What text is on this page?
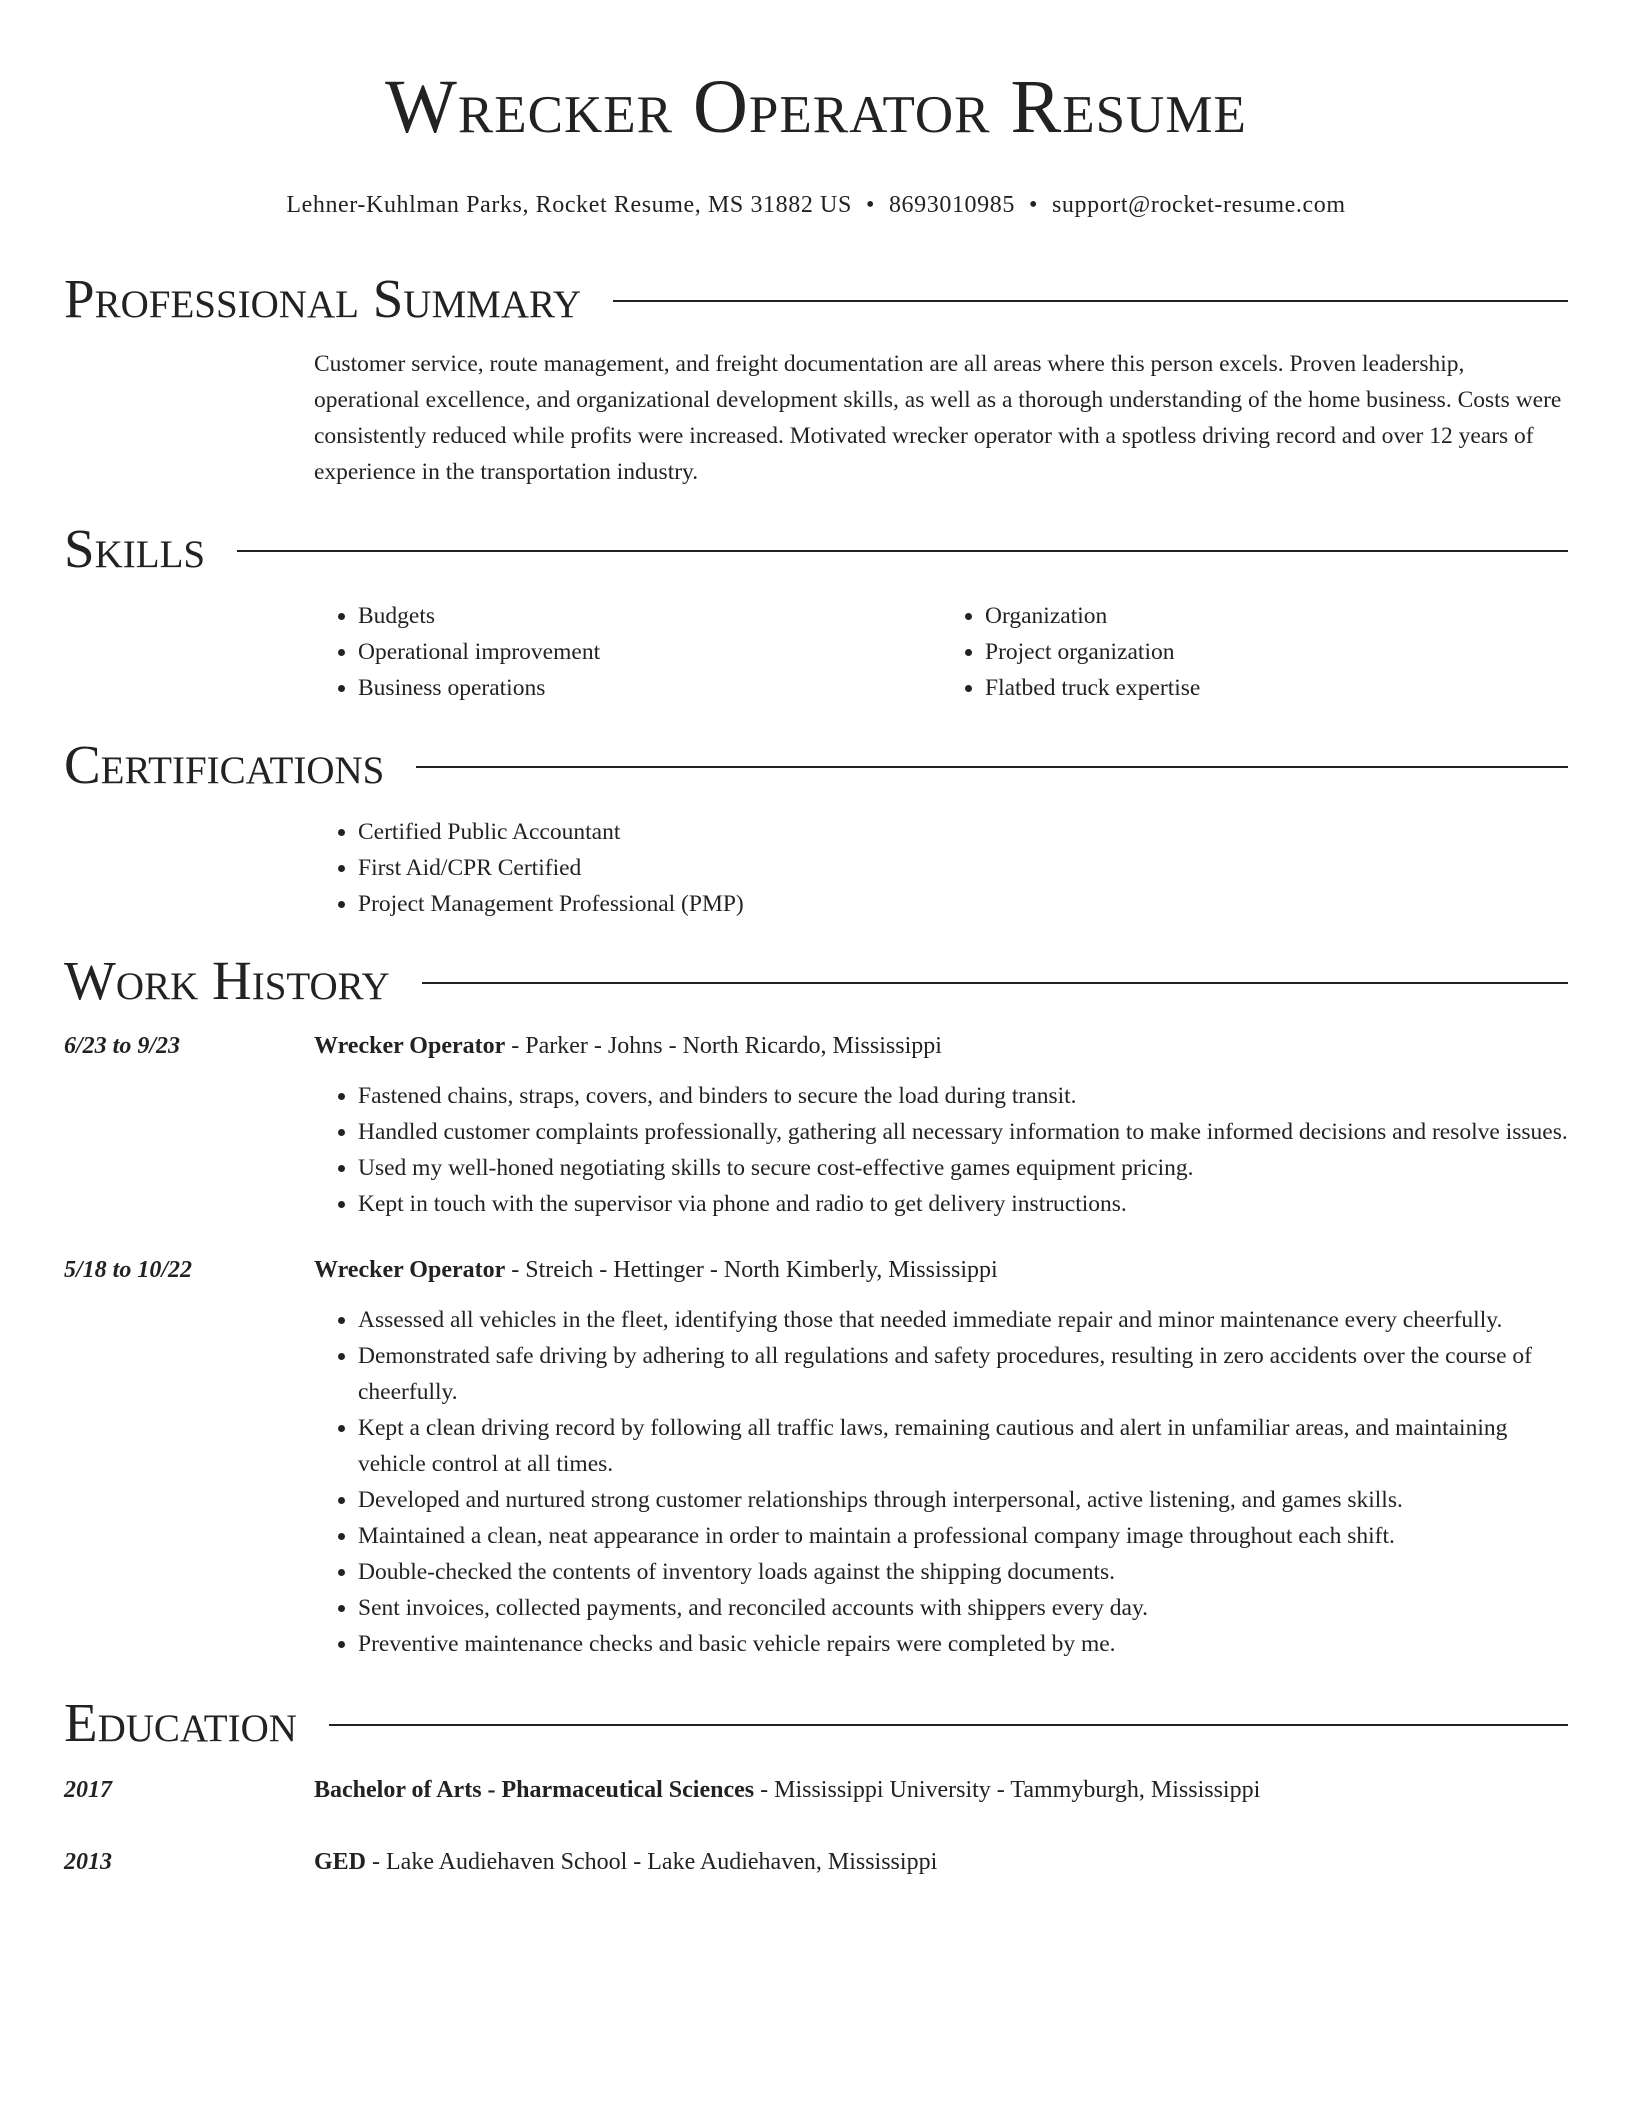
Wrecker Operator Resume
Lehner-Kuhlman Parks, Rocket Resume, MS 31882 US • 8693010985 • support@rocket-resume.com
Professional Summary
Customer service, route management, and freight documentation are all areas where this person excels. Proven leadership, operational excellence, and organizational development skills, as well as a thorough understanding of the home business. Costs were consistently reduced while profits were increased. Motivated wrecker operator with a spotless driving record and over 12 years of experience in the transportation industry.
Skills
• Budgets
• Operational improvement
• Business operations
• Organization
• Project organization
• Flatbed truck expertise
Certifications
• Certified Public Accountant
• First Aid/CPR Certified
• Project Management Professional (PMP)
Work History
6/23 to 9/23	Wrecker Operator - Parker - Johns - North Ricardo, Mississippi
• Fastened chains, straps, covers, and binders to secure the load during transit.
• Handled customer complaints professionally, gathering all necessary information to make informed decisions and resolve issues.
• Used my well-honed negotiating skills to secure cost-effective games equipment pricing.
• Kept in touch with the supervisor via phone and radio to get delivery instructions.
5/18 to 10/22	Wrecker Operator - Streich - Hettinger - North Kimberly, Mississippi
• Assessed all vehicles in the fleet, identifying those that needed immediate repair and minor maintenance every cheerfully.
• Demonstrated safe driving by adhering to all regulations and safety procedures, resulting in zero accidents over the course of cheerfully.
• Kept a clean driving record by following all traffic laws, remaining cautious and alert in unfamiliar areas, and maintaining vehicle control at all times.
• Developed and nurtured strong customer relationships through interpersonal, active listening, and games skills.
• Maintained a clean, neat appearance in order to maintain a professional company image throughout each shift.
• Double-checked the contents of inventory loads against the shipping documents.
• Sent invoices, collected payments, and reconciled accounts with shippers every day.
• Preventive maintenance checks and basic vehicle repairs were completed by me.
Education
2017	Bachelor of Arts - Pharmaceutical Sciences - Mississippi University - Tammyburgh, Mississippi
2013	GED - Lake Audiehaven School - Lake Audiehaven, Mississippi
